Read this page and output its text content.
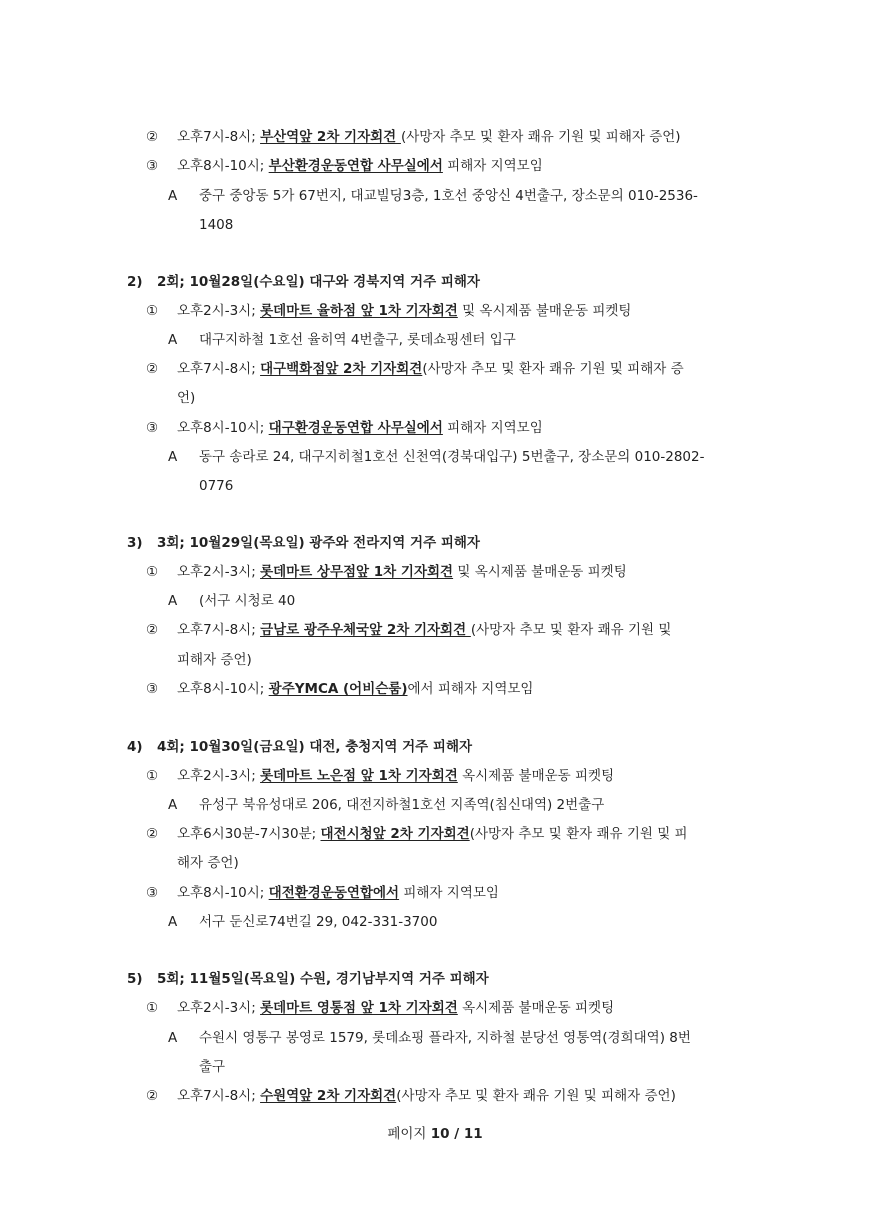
② 오후7시-8시; 부산역앞 2차 기자회견 (사망자 추모 및 환자 쾌유 기원 및 피해자 증언)
③ 오후8시-10시; 부산환경운동연합 사무실에서 피해자 지역모임
A 중구 중앙동 5가 67번지, 대교빌딩3층, 1호선 중앙신 4번출구, 장소문의 010-2536-
1408
2) 2회; 10월28일(수요일) 대구와 경북지역 거주 피해자
① 오후2시-3시; 롯데마트 율하점 앞 1차 기자회견 및 옥시제품 불매운동 피켓팅
A 대구지하철 1호선 율히역 4번출구, 롯데쇼핑센터 입구
② 오후7시-8시; 대구백화점앞 2차 기자회견(사망자 추모 및 환자 쾌유 기원 및 피해자 증
언)
③ 오후8시-10시; 대구환경운동연합 사무실에서 피해자 지역모임
A 동구 송라로 24, 대구지히철1호선 신천역(경북대입구) 5번출구, 장소문의 010-2802-
0776
3) 3회; 10월29일(목요일) 광주와 전라지역 거주 피해자
① 오후2시-3시; 롯데마트 상무점앞 1차 기자회견 및 옥시제품 불매운동 피켓팅
A (서구 시청로 40
② 오후7시-8시; 금남로 광주우체국앞 2차 기자회견 (사망자 추모 및 환자 쾌유 기원 및
피해자 증언)
③ 오후8시-10시; 광주YMCA (어비슨룸)에서 피해자 지역모임
4) 4회; 10월30일(금요일) 대전, 충청지역 거주 피해자
① 오후2시-3시; 롯데마트 노은점 앞 1차 기자회견 옥시제품 불매운동 피켓팅
A 유성구 북유성대로 206, 대전지하철1호선 지족역(침신대역) 2번출구
② 오후6시30분-7시30분; 대전시청앞 2차 기자회견(사망자 추모 및 환자 쾌유 기원 및 피
해자 증언)
③ 오후8시-10시; 대전환경운동연합에서 피해자 지역모임
A 서구 둔신로74번길 29, 042-331-3700
5) 5회; 11월5일(목요일) 수원, 경기남부지역 거주 피해자
① 오후2시-3시; 롯데마트 영통점 앞 1차 기자회견 옥시제품 불매운동 피켓팅
A 수원시 영통구 봉영로 1579, 롯데쇼핑 플라자, 지하철 분당선 영통역(경희대역) 8번
출구
② 오후7시-8시; 수원역앞 2차 기자회견(사망자 추모 및 환자 쾌유 기원 및 피해자 증언)
페이지 10 / 11
